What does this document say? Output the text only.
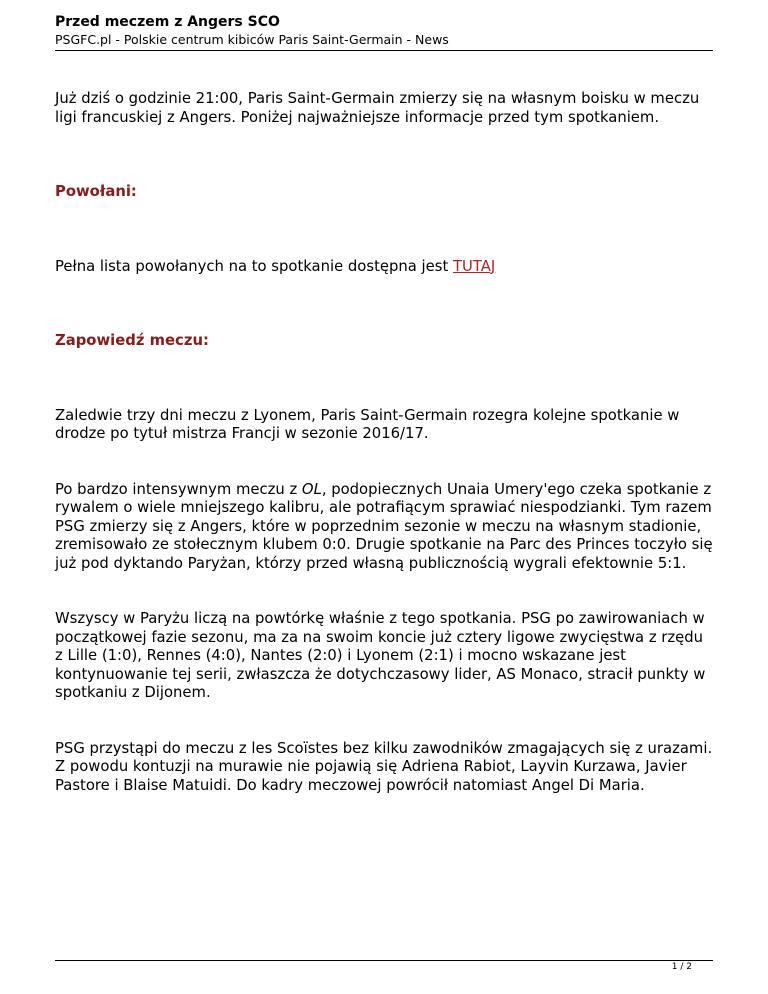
Przed meczem z Angers SCO
PSGFC.pl - Polskie centrum kibiców Paris Saint-Germain - News

Już dziś o godzinie 21:00, Paris Saint-Germain zmierzy się na własnym boisku w meczu ligi francuskiej z Angers. Poniżej najważniejsze informacje przed tym spotkaniem.

Powołani:

Pełna lista powołanych na to spotkanie dostępna jest TUTAJ

Zapowiedź meczu:

Zaledwie trzy dni meczu z Lyonem, Paris Saint-Germain rozegra kolejne spotkanie w drodze po tytuł mistrza Francji w sezonie 2016/17.

Po bardzo intensywnym meczu z OL, podopiecznych Unaia Umery'ego czeka spotkanie z rywalem o wiele mniejszego kalibru, ale potrafiącym sprawiać niespodzianki. Tym razem PSG zmierzy się z Angers, które w poprzednim sezonie w meczu na własnym stadionie, zremisowało ze stołecznym klubem 0:0. Drugie spotkanie na Parc des Princes toczyło się już pod dyktando Paryżan, którzy przed własną publicznością wygrali efektownie 5:1.

Wszyscy w Paryżu liczą na powtórkę właśnie z tego spotkania. PSG po zawirowaniach w początkowej fazie sezonu, ma za na swoim koncie już cztery ligowe zwycięstwa z rzędu z Lille (1:0), Rennes (4:0), Nantes (2:0) i Lyonem (2:1) i mocno wskazane jest kontynuowanie tej serii, zwłaszcza że dotychczasowy lider, AS Monaco, stracił punkty w spotkaniu z Dijonem.

PSG przystąpi do meczu z les Scoïstes bez kilku zawodników zmagających się z urazami. Z powodu kontuzji na murawie nie pojawią się Adriena Rabiot, Layvin Kurzawa, Javier Pastore i Blaise Matuidi. Do kadry meczowej powrócił natomiast Angel Di Maria.

1 / 2
